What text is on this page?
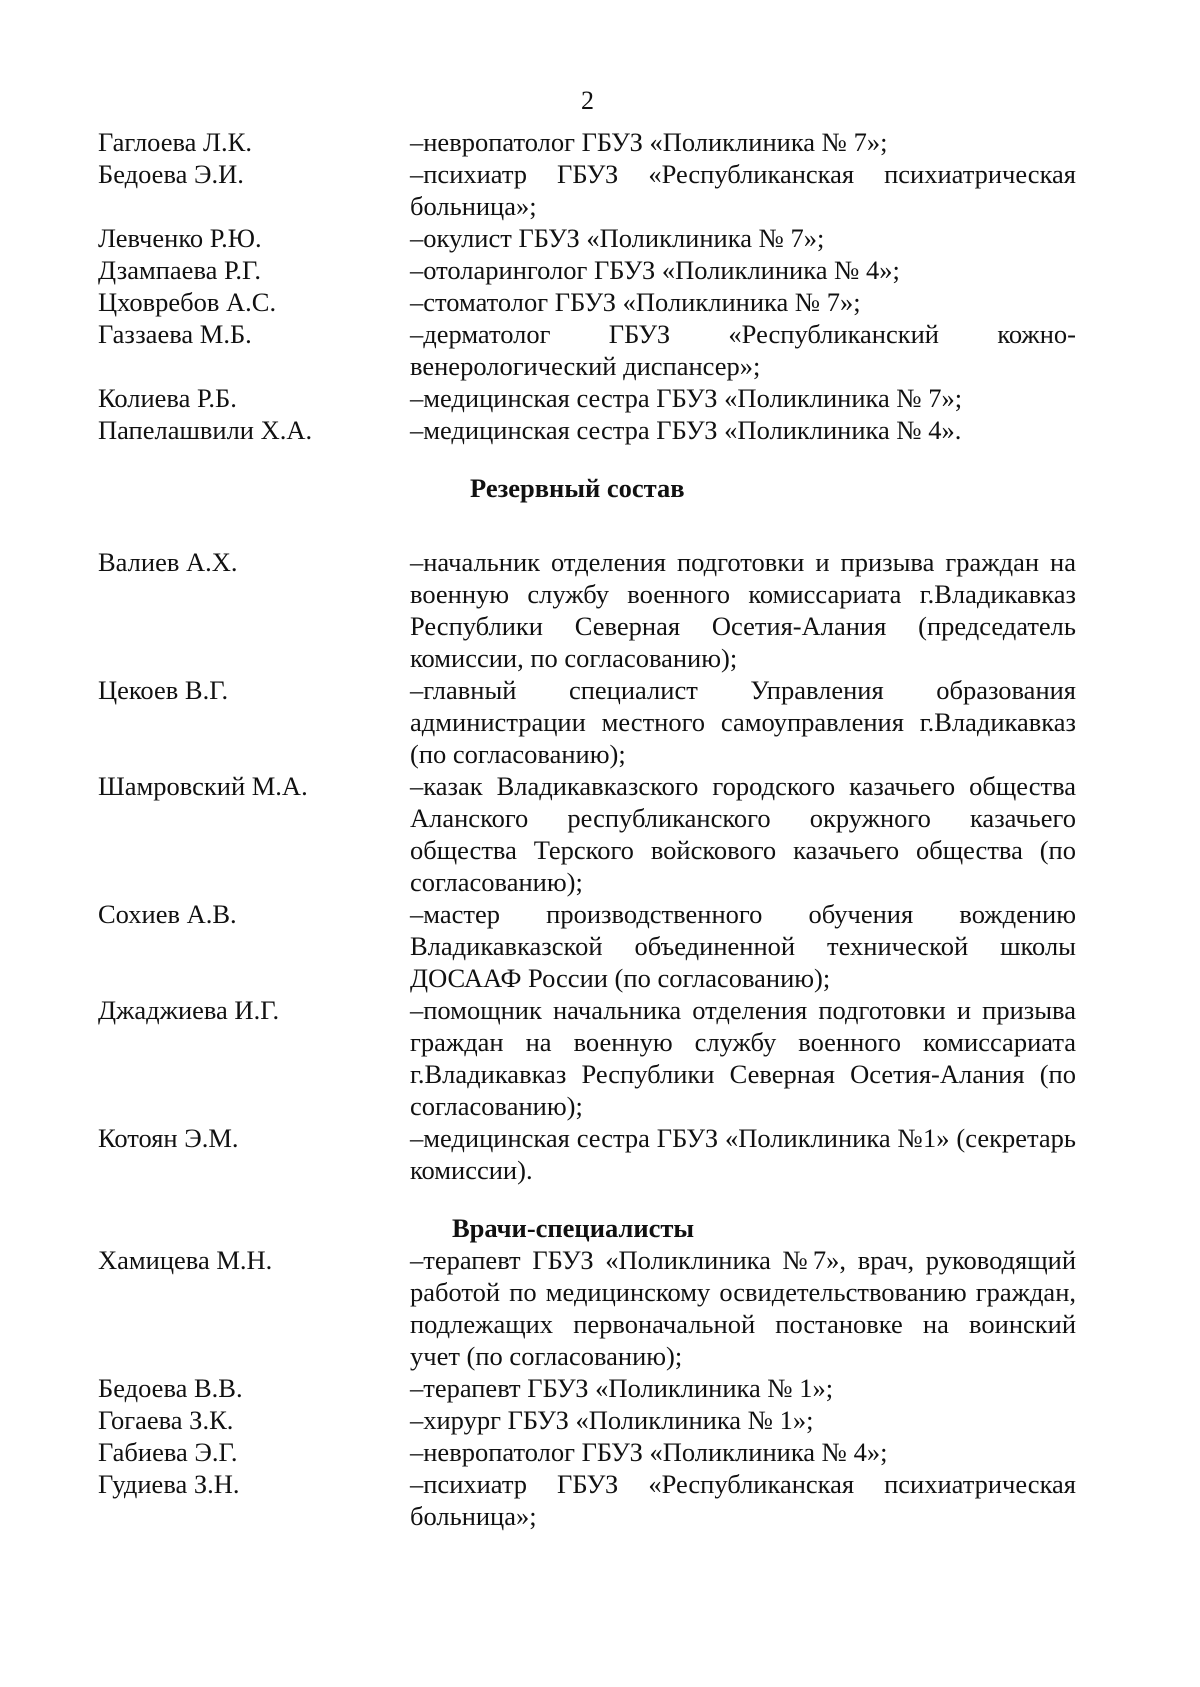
2
Гаглоева Л.К.	–невропатолог ГБУЗ «Поликлиника № 7»;
Бедоева Э.И.	–психиатр ГБУЗ «Республиканская психиатрическая больница»;
Левченко Р.Ю.	–окулист ГБУЗ «Поликлиника № 7»;
Дзампаева Р.Г.	–отоларинголог ГБУЗ «Поликлиника № 4»;
Цховребов А.С.	–стоматолог ГБУЗ «Поликлиника № 7»;
Газзаева М.Б.	–дерматолог ГБУЗ «Республиканский кожно-венерологический диспансер»;
Колиева Р.Б.	–медицинская сестра ГБУЗ «Поликлиника № 7»;
Папелашвили Х.А.	–медицинская сестра ГБУЗ «Поликлиника № 4».
Резервный состав
Валиев А.Х.	–начальник отделения подготовки и призыва граждан на военную службу военного комиссариата г.Владикавказ Республики Северная Осетия-Алания (председатель комиссии, по согласованию);
Цекоев В.Г.	–главный специалист Управления образования администрации местного самоуправления г.Владикавказ (по согласованию);
Шамровский М.А.	–казак Владикавказского городского казачьего общества Аланского республиканского окружного казачьего общества Терского войскового казачьего общества (по согласованию);
Сохиев А.В.	–мастер производственного обучения вождению Владикавказской объединенной технической школы ДОСААФ России (по согласованию);
Джаджиева И.Г.	–помощник начальника отделения подготовки и призыва граждан на военную службу военного комиссариата г.Владикавказ Республики Северная Осетия-Алания (по согласованию);
Котоян Э.М.	–медицинская сестра ГБУЗ «Поликлиника №1» (секретарь комиссии).
Врачи-специалисты
Хамицева М.Н.	–терапевт ГБУЗ «Поликлиника №7», врач, руководящий работой по медицинскому освидетельствованию граждан, подлежащих первоначальной постановке на воинский учет (по согласованию);
Бедоева В.В.	–терапевт ГБУЗ «Поликлиника № 1»;
Гогаева З.К.	–хирург ГБУЗ «Поликлиника № 1»;
Габиева Э.Г.	–невропатолог ГБУЗ «Поликлиника № 4»;
Гудиева З.Н.	–психиатр ГБУЗ «Республиканская психиатрическая больница»;
